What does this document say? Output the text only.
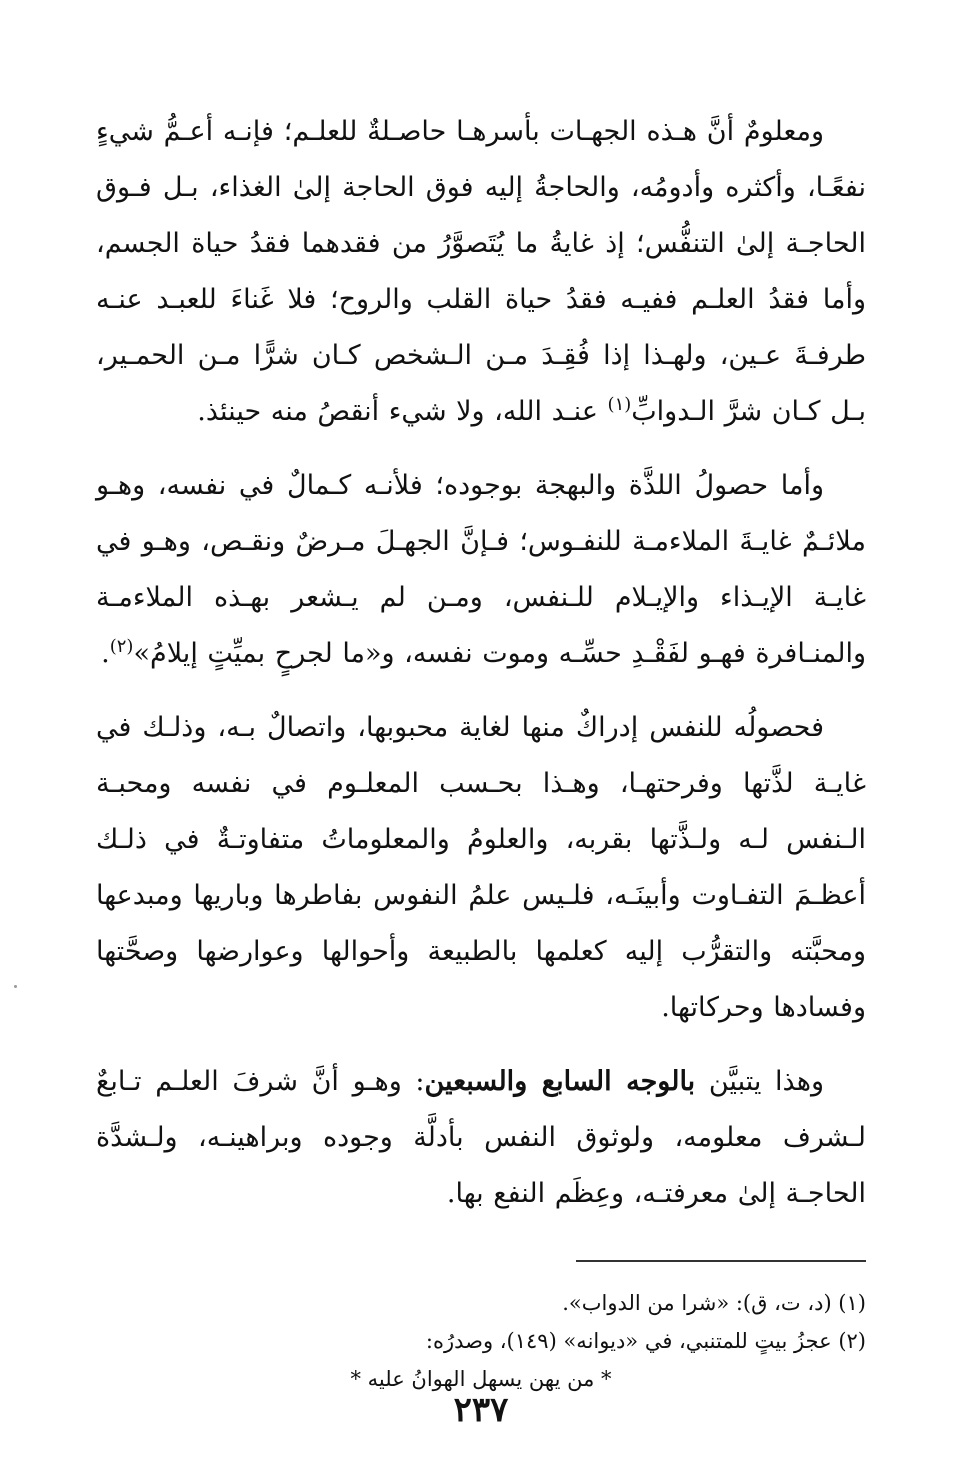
ومعلومٌ أنَّ هـذه الجهـات بأسرهـا حاصـلةٌ للعلـم؛ فإنـه أعـمُّ شيءٍ نفعًـا، وأكثره وأدومُه، والحاجةُ إليه فوق الحاجة إلىٰ الغذاء، بـل فـوق الحاجـة إلىٰ التنفُّس؛ إذ غايةُ ما يُتَصوَّرُ من فقدهما فقدُ حياة الجسم، وأما فقدُ العلـم ففيـه فقدُ حياة القلب والروح؛ فلا غَناءَ للعبـد عنـه طرفـةَ عـين، ولهـذا إذا فُقِـدَ مـن الـشخص كـان شرًّا مـن الحمـير، بـل كـان شرَّ الـدوابِّ$^{(١)}$ عنـد الله، ولا شيء أنقصُ منه حينئذ.

وأما حصولُ اللذَّة والبهجة بوجوده؛ فلأنـه كـمالٌ في نفسه، وهـو ملائـمٌ غايـةَ الملاءمـة للنفـوس؛ فـإنَّ الجهـلَ مـرضٌ ونقـص، وهـو في غايـة الإيـذاء والإيـلام للـنفس، ومـن لم يـشعر بهـذه الملاءمـة والمنـافرة فهـو لفَقْـدِ حسِّـه وموت نفسه، و«ما لجرحٍ بميِّتٍ إيلامُ»$^{(٢)}$.

فحصولُه للنفس إدراكٌ منها لغاية محبوبها، واتصالٌ بـه، وذلـك في غايـة لذَّتها وفرحتهـا، وهـذا بحـسب المعلـوم في نفسه ومحبـة الـنفس لـه ولـذَّتها بقربه، والعلومُ والمعلوماتُ متفاوتـةٌ في ذلـك أعظـمَ التفـاوت وأبينَـه، فلـيس علمُ النفوس بفاطرها وباريها ومبدعها ومحبَّته والتقرُّب إليه كعلمها بالطبيعة وأحوالها وعوارضها وصحَّتها وفسادها وحركاتها.

وهذا يتبيَّن بالوجه السابع والسبعين: وهـو أنَّ شرفَ العلـم تـابعٌ لـشرف معلومه، ولوثوق النفس بأدلَّة وجوده وبراهينـه، ولـشدَّة الحاجـة إلىٰ معرفتـه، وعِظَم النفع بها.

(١) (د، ت، ق): «شرا من الدواب».

(٢) عجزُ بيتٍ للمتنبي، في «ديوانه» (١٤٩)، وصدرُه:

* من يهن يسهل الهوانُ عليه *

٢٣٧
